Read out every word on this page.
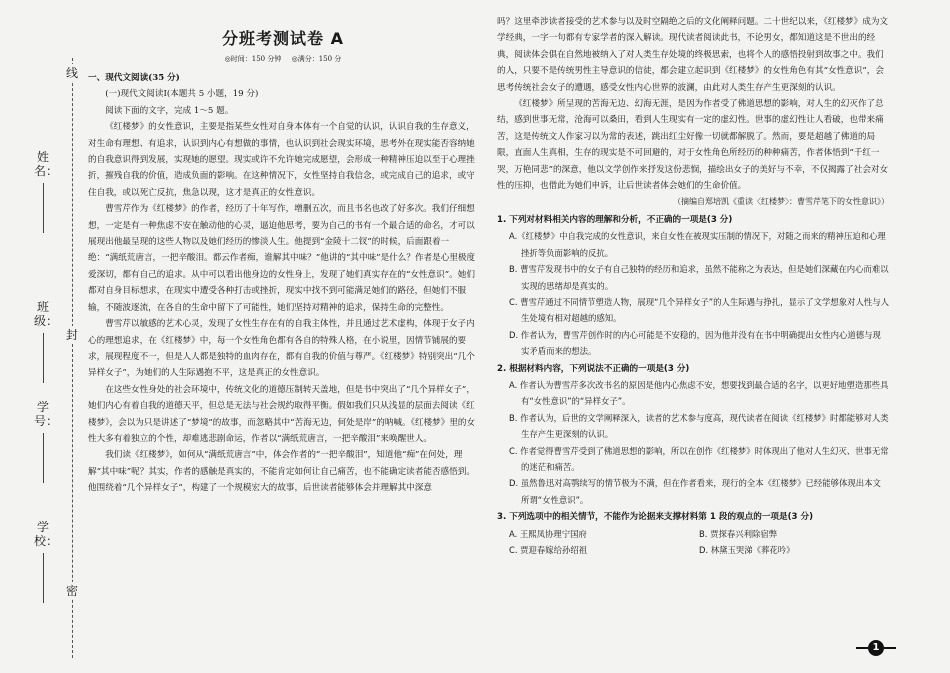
线
封
密
姓名：
班级：
学号：
学校：
分班考测试卷 A
◎时间：150 分钟 ◎满分：150 分

一、现代文阅读(35 分)

(一)现代文阅读Ⅰ(本题共 5 小题，19 分)

阅读下面的文字，完成 1～5 题。

《红楼梦》的女性意识，主要是指某些女性对自身本体有一个自觉的认识，认识自我的生存意义，对生命有理想、有追求，认识到内心有想做的事情，也认识到社会现实环境，思考外在现实能否容纳她的自我意识得到发展，实现她的愿望。现实或许不允许她完成愿望，会形成一种精神压迫以至于心理挫折，摧残自我的价值，造成负面的影响。在这种情况下，女性坚持自我信念，或完成自己的追求，或守住自我，或以死亡反抗，焦急以现，这才是真正的女性意识。

曹雪芹作为《红楼梦》的作者，经历了十年写作，增删五次，而且书名也改了好多次。我们仔细想想，一定是有一种焦虑不安在触动他的心灵，逼迫他思考，要为自己的书有一个最合适的命名，才可以展现出他最呈现的这些人物以及她们经历的惨淡人生。他提到“金陵十二钗”的时候，后面跟着一绝：“满纸荒唐言，一把辛酸泪。都云作者痴，谁解其中味？”他讲的“其中味”是什么？作者是心里极度爱深切，都有自己的追求。从中可以看出他身边的女性身上，发现了她们真实存在的“女性意识”。她们都对自身目标想求，在现实中遭受各种打击或挫折，现实中找不到可能满足她们的路径，但她们不服输，不随波逐流，在各自的生命中留下了可能性，她们坚持对精神的追求，保持生命的完整性。

曹雪芹以敏感的艺术心灵，发现了女性生存在有的自我主体性，并且通过艺术虚构，体现于女子内心的理想追求，在《红楼梦》中，每一个女性角色都有各自的特殊人格，在小说里，因情节铺展的要求，展现程度不一，但是人人都是独特的血肉存在，都有自我的价值与尊严。《红楼梦》特别突出“几个异样女子”，为她们的人生际遇抱不平，这是真正的女性意识。

在这些女性身处的社会环境中，传统文化的道德压制转天盖地，但是书中突出了“几个异样女子”，她们内心有着自我的道德天平，但总是无法与社会规约取得平衡。假如我们只从浅显的层面去阅读《红楼梦》，会以为只是讲述了“梦境”的故事，而忽略其中“苦海无边，何处是岸”的呐喊。《红楼梦》里的女性大多有着独立的个性，却难逃悲剧命运，作者以“满纸荒唐言，一把辛酸泪”来唤醒世人。

我们读《红楼梦》，如何从“满纸荒唐言”中，体会作者的“一把辛酸泪”，知道他“痴”在何处，理解“其中味”呢？其实，作者的感触是真实的，不能肯定如何让自己痛苦，也不能确定读者能否感悟到。他围绕着“几个异样女子”，构建了一个规模宏大的故事，后世读者能够体会并理解其中深意

吗？这里牵涉读者接受的艺术参与以及时空隔绝之后的文化阐释问题。二十世纪以来，《红楼梦》成为文学经典，一字一句都有专家学者的深入解读。现代读者阅读此书，不论男女，都知道这是不世出的经典，阅读体会俱在自然地被纳入了对人类生存处境的终极思索，也将个人的感悟投射到故事之中。我们的人，只要不是传统男性主导意识的信徒，都会建立起识到《红楼梦》的女性角色有其“女性意识”，会思考传统社会女子的遭遇，感受女性内心世界的波澜，由此对人类生存产生更深刻的认识。

《红楼梦》所呈现的苦海无边、幻海无涯，是因为作者受了佛道思想的影响，对人生的幻灭作了总结，感到世事无常，沧海可以桑田，看到人生现实有一定的虚幻性。世事的虚幻性让人看破，也带来痛苦，这是传统文人作家习以为常的表述，跳出红尘好像一切就都解脱了。然而，要是超越了佛道的局限，直面人生真相，生存的现实是不可回避的，对于女性角色所经历的种种痛苦，作者体悟到“千红一哭，万艳同悲”的深意，他以文学创作来抒发这份悲悯，描绘出女子的美好与不幸，不仅揭露了社会对女性的压抑，也借此为她们申诉，让后世读者体会她们的生命价值。

（摘编自郑培凯《重读〈红楼梦〉：曹雪芹笔下的女性意识》）

1. 下列对材料相关内容的理解和分析，不正确的一项是(3 分)

A.《红楼梦》中自我完成的女性意识，来自女性在被现实压制的情况下，对随之而来的精神压迫和心理挫折等负面影响的反抗。

B. 曹雪芹发现书中的女子有自己独特的经历和追求，虽然不能称之为表达，但是她们深藏在内心而难以实现的思绪却是真实的。

C. 曹雪芹通过不同情节塑造人物，展现“几个异样女子”的人生际遇与挣扎，显示了文学想象对人性与人生处境有相对超越的感知。

D. 作者认为，曹雪芹创作时的内心可能是不安稳的，因为他并没有在书中明确提出女性内心道德与现实矛盾而来的想法。

2. 根据材料内容，下列说法不正确的一项是(3 分)

A. 作者认为曹雪芹多次改书名的原因是他内心焦虑不安，想要找到最合适的名字，以更好地塑造那些具有“女性意识”的“异样女子”。

B. 作者认为，后世的文学阐释深入，读者的艺术参与度高，现代读者在阅读《红楼梦》时都能够对人类生存产生更深刻的认识。

C. 作者觉得曹雪芹受到了佛道思想的影响，所以在创作《红楼梦》时体现出了他对人生幻灭、世事无常的迷茫和痛苦。

D. 虽然鲁迅对高鹗续写的情节极为不满，但在作者看来，现行的全本《红楼梦》已经能够体现出本文所谓“女性意识”。

3. 下列选项中的相关情节，不能作为论据来支撑材料第 1 段的观点的一项是(3 分)

A. 王熙凤协理宁国府	B. 贾探春兴利除宿弊
C. 贾迎春嫁给孙绍祖	D. 林黛玉哭涕《葬花吟》
1
